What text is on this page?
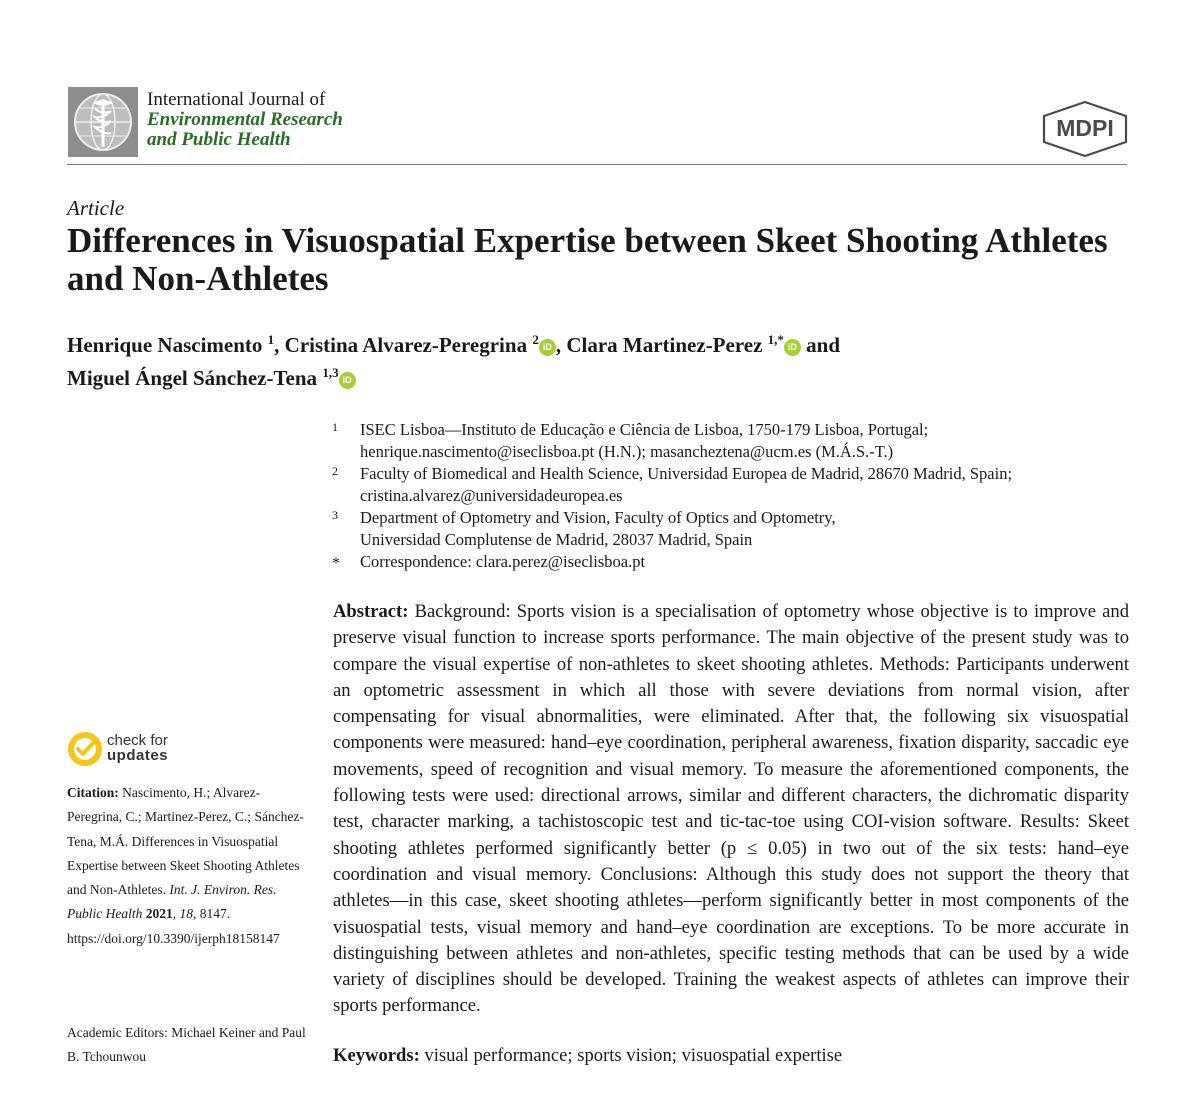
International Journal of
Environmental Research
and Public Health	MDPI
Article
Differences in Visuospatial Expertise between Skeet Shooting Athletes and Non-Athletes
Henrique Nascimento $^1$, Cristina Alvarez-Peregrina $^2$ iD , Clara Martinez-Perez $^{1,*}$ iD and
Miguel Ángel Sánchez-Tena $^{1,3}$ iD
1 ISEC Lisboa—Instituto de Educação e Ciência de Lisboa, 1750-179 Lisboa, Portugal;
henrique.nascimento@iseclisboa.pt (H.N.); masancheztena@ucm.es (M.Á.S.-T.)
2 Faculty of Biomedical and Health Science, Universidad Europea de Madrid, 28670 Madrid, Spain;
cristina.alvarez@universidadeuropea.es
3 Department of Optometry and Vision, Faculty of Optics and Optometry,
Universidad Complutense de Madrid, 28037 Madrid, Spain
* Correspondence: clara.perez@iseclisboa.pt
Abstract: Background: Sports vision is a specialisation of optometry whose objective is to improve and preserve visual function to increase sports performance. The main objective of the present study was to compare the visual expertise of non-athletes to skeet shooting athletes. Methods: Participants underwent an optometric assessment in which all those with severe deviations from normal vision, after compensating for visual abnormalities, were eliminated. After that, the following six visuospatial components were measured: hand–eye coordination, peripheral awareness, fixation disparity, saccadic eye movements, speed of recognition and visual memory. To measure the aforementioned components, the following tests were used: directional arrows, similar and different characters, the dichromatic disparity test, character marking, a tachistoscopic test and tic-tac-toe using COI-vision software. Results: Skeet shooting athletes performed significantly better (p ≤ 0.05) in two out of the six tests: hand–eye coordination and visual memory. Conclusions: Although this study does not support the theory that athletes—in this case, skeet shooting athletes—perform significantly better in most components of the visuospatial tests, visual memory and hand–eye coordination are exceptions. To be more accurate in distinguishing between athletes and non-athletes, specific testing methods that can be used by a wide variety of disciplines should be developed. Training the weakest aspects of athletes can improve their sports performance.
Keywords: visual performance; sports vision; visuospatial expertise
check for
updates
Citation: Nascimento, H.; Alvarez-Peregrina, C.; Martinez-Perez, C.; Sánchez-Tena, M.Á. Differences in Visuospatial Expertise between Skeet Shooting Athletes and Non-Athletes. Int. J. Environ. Res. Public Health 2021, 18, 8147. https://doi.org/10.3390/ijerph18158147
Academic Editors: Michael Keiner and Paul B. Tchounwou
